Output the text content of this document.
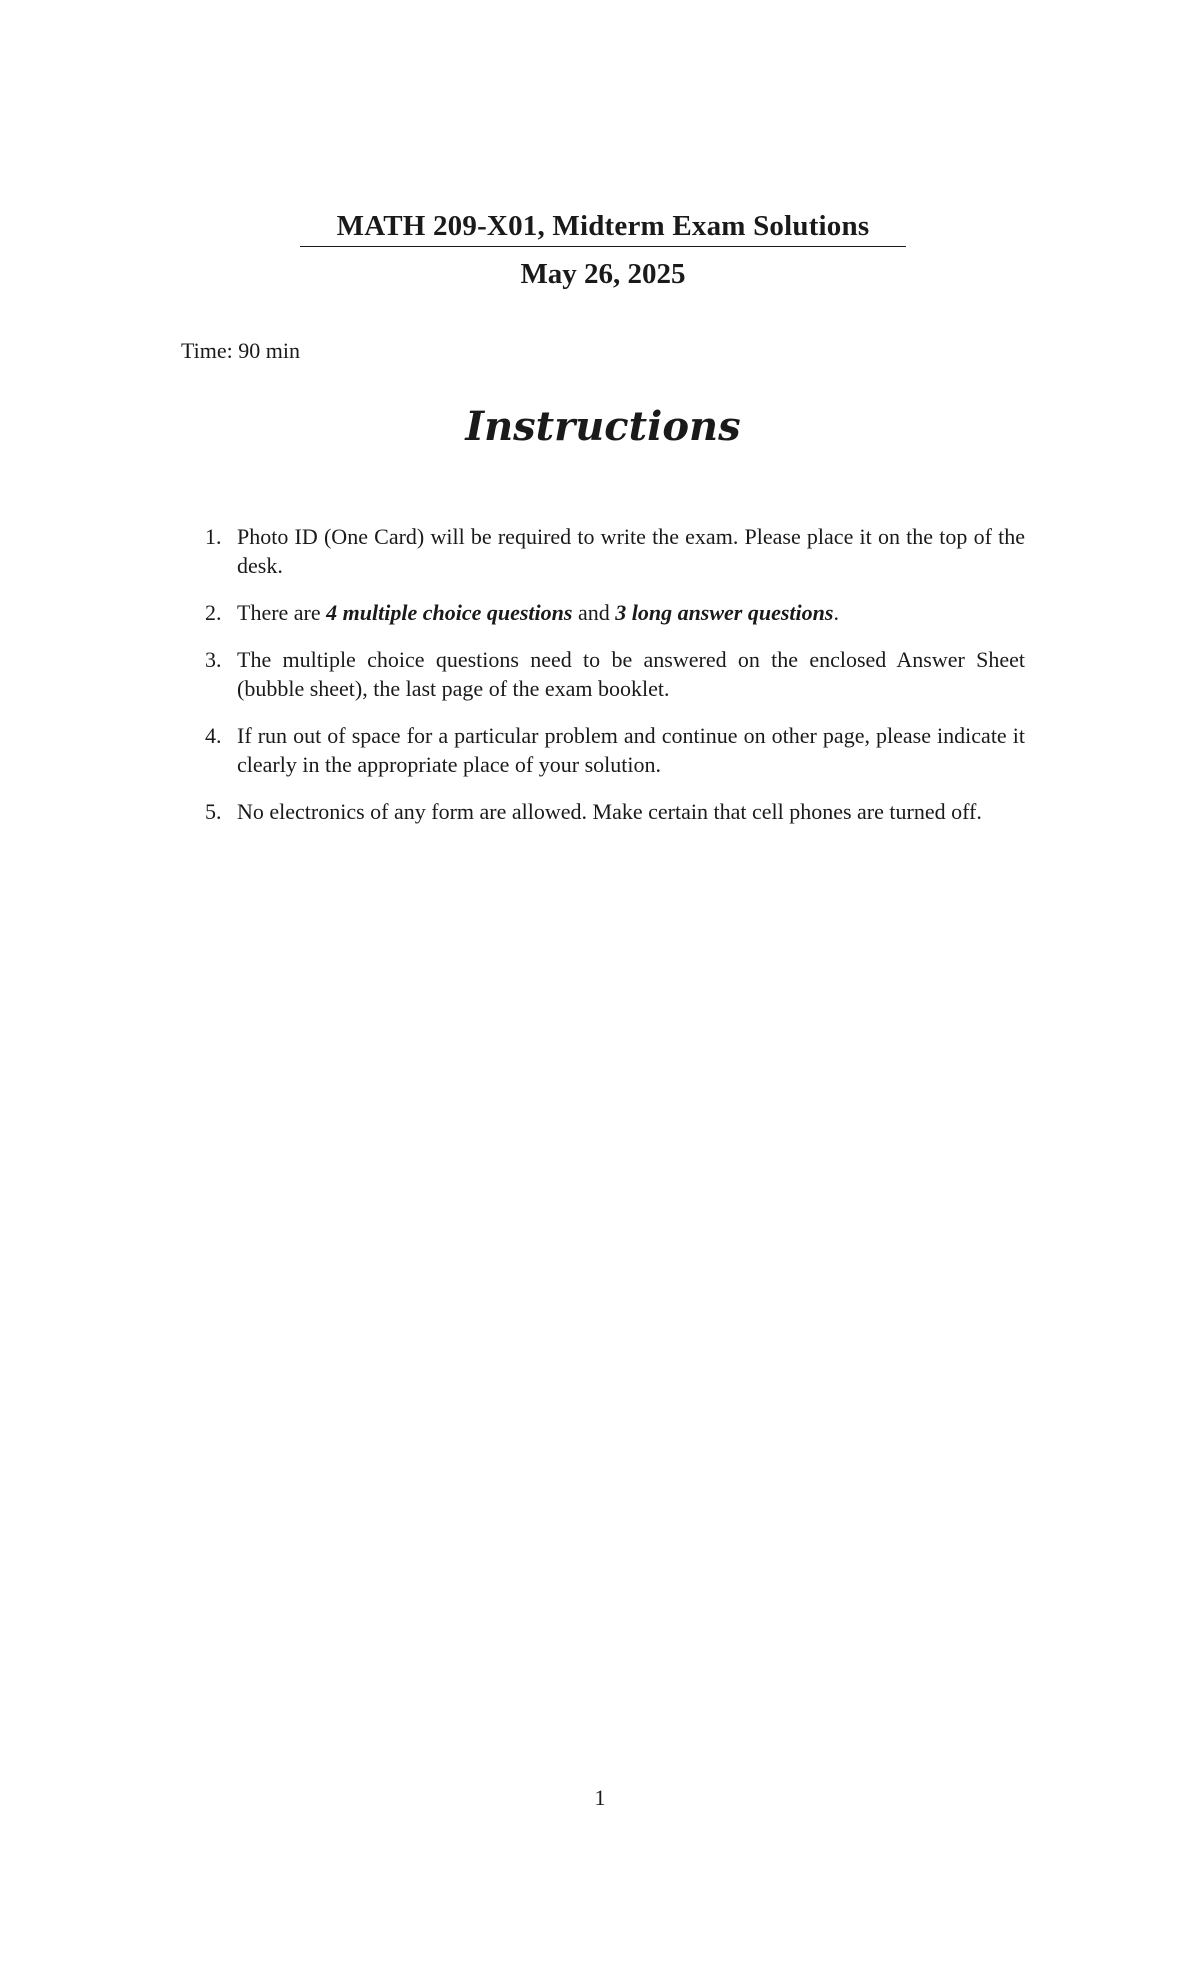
MATH 209-X01, Midterm Exam Solutions
May 26, 2025
Time: 90 min
Instructions
1. Photo ID (One Card) will be required to write the exam. Please place it on the top of the desk.
2. There are 4 multiple choice questions and 3 long answer questions.
3. The multiple choice questions need to be answered on the enclosed Answer Sheet (bubble sheet), the last page of the exam booklet.
4. If run out of space for a particular problem and continue on other page, please indicate it clearly in the appropriate place of your solution.
5. No electronics of any form are allowed. Make certain that cell phones are turned off.
1
